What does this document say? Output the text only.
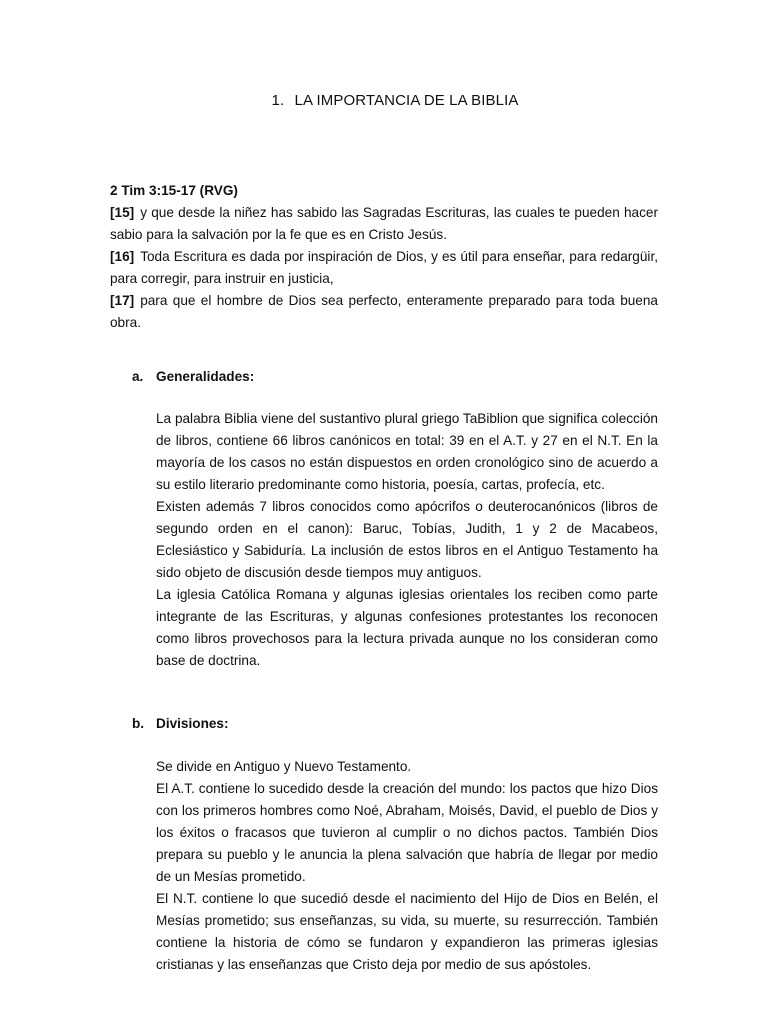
1. LA IMPORTANCIA DE LA BIBLIA

2 Tim 3:15-17 (RVG)

[15] y que desde la niñez has sabido las Sagradas Escrituras, las cuales te pueden hacer sabio para la salvación por la fe que es en Cristo Jesús.

[16] Toda Escritura es dada por inspiración de Dios, y es útil para enseñar, para redargüir, para corregir, para instruir en justicia,

[17] para que el hombre de Dios sea perfecto, enteramente preparado para toda buena obra.

a. Generalidades:

La palabra Biblia viene del sustantivo plural griego TaBiblion que significa colección de libros, contiene 66 libros canónicos en total: 39 en el A.T. y 27 en el N.T. En la mayoría de los casos no están dispuestos en orden cronológico sino de acuerdo a su estilo literario predominante como historia, poesía, cartas, profecía, etc.

Existen además 7 libros conocidos como apócrifos o deuterocanónicos (libros de segundo orden en el canon): Baruc, Tobías, Judith, 1 y 2 de Macabeos, Eclesiástico y Sabiduría. La inclusión de estos libros en el Antiguo Testamento ha sido objeto de discusión desde tiempos muy antiguos.

La iglesia Católica Romana y algunas iglesias orientales los reciben como parte integrante de las Escrituras, y algunas confesiones protestantes los reconocen como libros provechosos para la lectura privada aunque no los consideran como base de doctrina.

b. Divisiones:

Se divide en Antiguo y Nuevo Testamento.

El A.T. contiene lo sucedido desde la creación del mundo: los pactos que hizo Dios con los primeros hombres como Noé, Abraham, Moisés, David, el pueblo de Dios y los éxitos o fracasos que tuvieron al cumplir o no dichos pactos. También Dios prepara su pueblo y le anuncia la plena salvación que habría de llegar por medio de un Mesías prometido.

El N.T. contiene lo que sucedió desde el nacimiento del Hijo de Dios en Belén, el Mesías prometido; sus enseñanzas, su vida, su muerte, su resurrección. También contiene la historia de cómo se fundaron y expandieron las primeras iglesias cristianas y las enseñanzas que Cristo deja por medio de sus apóstoles.
